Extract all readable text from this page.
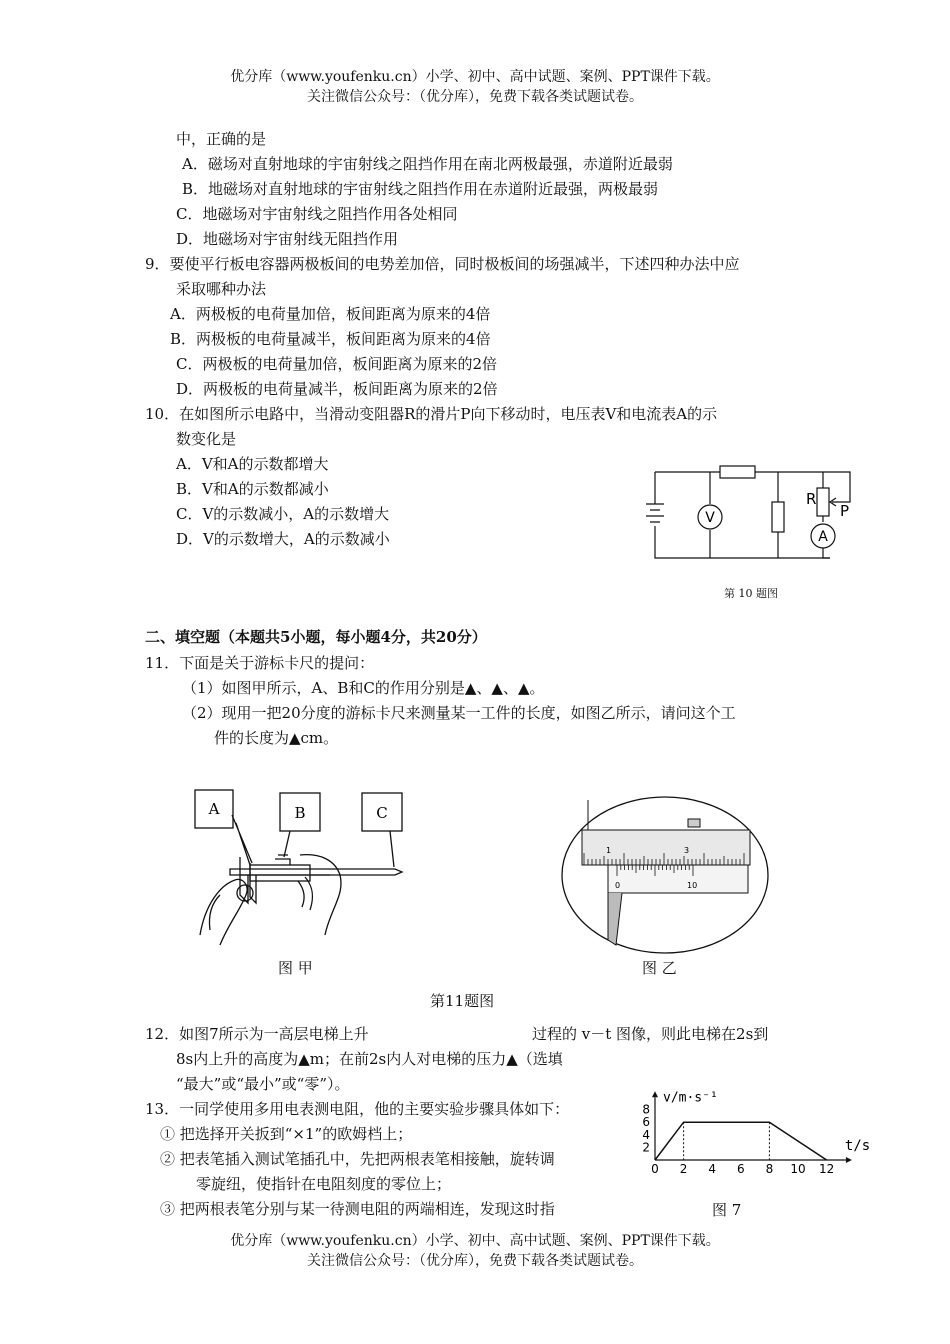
优分库（www.youfenku.cn）小学、初中、高中试题、案例、PPT课件下载。
关注微信公众号：（优分库），免费下载各类试题试卷。
中，正确的是
A．磁场对直射地球的宇宙射线之阻挡作用在南北两极最强，赤道附近最弱
B．地磁场对直射地球的宇宙射线之阻挡作用在赤道附近最强，两极最弱
C．地磁场对宇宙射线之阻挡作用各处相同
D．地磁场对宇宙射线无阻挡作用
9．要使平行板电容器两极板间的电势差加倍，同时极板间的场强减半，下述四种办法中应
采取哪种办法
A．两极板的电荷量加倍，板间距离为原来的4倍
B．两极板的电荷量减半，板间距离为原来的4倍
C．两极板的电荷量加倍，板间距离为原来的2倍
D．两极板的电荷量减半，板间距离为原来的2倍
10．在如图所示电路中，当滑动变阻器R的滑片P向下移动时，电压表V和电流表A的示
数变化是
A．V和A的示数都增大
B．V和A的示数都减小
C．V的示数减小，A的示数增大
D．V的示数增大，A的示数减小
V
A
R
P
第 10 题图
二、填空题（本题共5小题，每小题4分，共20分）
11．下面是关于游标卡尺的提问：
（1）如图甲所示，A、B和C的作用分别是▲、▲、▲。
（2）现用一把20分度的游标卡尺来测量某一工件的长度，如图乙所示，请问这个工
件的长度为▲cm。
A	B	C
图 甲
1	3
0	10
图 乙
第11题图
12．如图7所示为一高层电梯上升	过程的 v－t 图像，则此电梯在2s到
8s内上升的高度为▲m；在前2s内人对电梯的压力▲（选填
“最大”或“最小”或“零”）。
13．一同学使用多用电表测电阻，他的主要实验步骤具体如下：
① 把选择开关扳到“×1”的欧姆档上；
② 把表笔插入测试笔插孔中，先把两根表笔相接触，旋转调
零旋纽，使指针在电阻刻度的零位上；
③ 把两根表笔分别与某一待测电阻的两端相连，发现这时指
0 2 4 6 8 10 12
2
4
6
8
v/m·s⁻¹
t/s
图 7
优分库（www.youfenku.cn）小学、初中、高中试题、案例、PPT课件下载。
关注微信公众号：（优分库），免费下载各类试题试卷。
